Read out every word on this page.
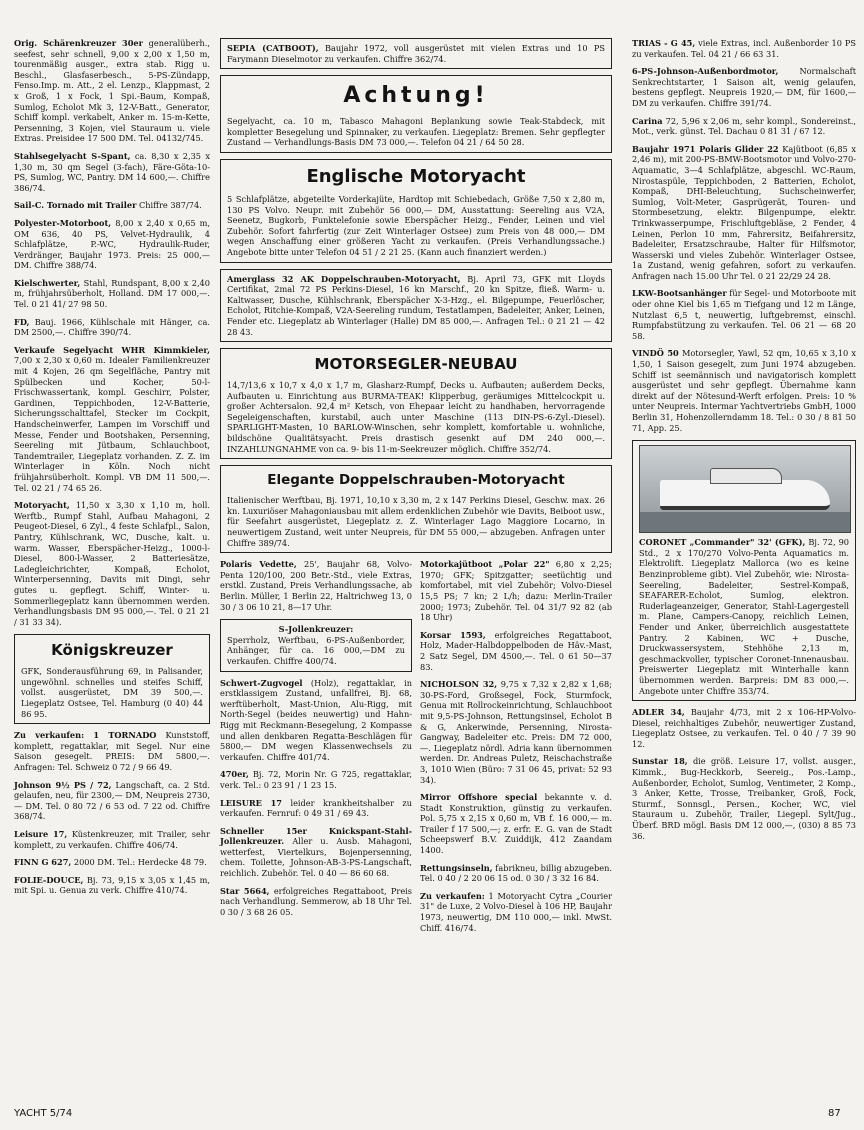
Orig. Schärenkreuzer 30er generalüberh., seefest, sehr schnell, 9,00 x 2,00 x 1,50 m, tourenmäßig ausger., extra stab. Rigg u. Beschl., Glasfaserbesch., 5-PS-Zündapp, Fenso.Imp. m. Att., 2 el. Lenzp., Klappmast, 2 x Groß, 1 x Fock, 1 Spi.-Baum, Kompaß, Sumlog, Echolot Mk 3, 12-V-Batt., Generator, Schiff kompl. verkabelt, Anker m. 15-m-Kette, Persenning, 3 Kojen, viel Stauraum u. viele Extras. Preisidee 17 500 DM. Tel. 04132/745.
Stahlsegelyacht S-Spant, ca. 8,30 x 2,35 x 1,30 m, 30 qm Segel (3-fach), Färe-Göta-10-PS, Sumlog, WC, Pantry. DM 14 600,—. Chiffre 386/74.
Sail-C. Tornado mit Trailer Chiffre 387/74.
Polyester-Motorboot, 8,00 x 2,40 x 0,65 m, OM 636, 40 PS, Velvet-Hydraulik, 4 Schlafplätze, P.-WC, Hydraulik-Ruder, Verdränger, Baujahr 1973. Preis: 25 000,— DM. Chiffre 388/74.
Kielschwerter, Stahl, Rundspant, 8,00 x 2,40 m, frühjahrsüberholt, Holland. DM 17 000,—. Tel. 0 21 41/ 27 98 50.
FD, Bauj. 1966, Kühlschale mit Hänger, ca. DM 2500,—. Chiffre 390/74.
Verkaufe Segelyacht WHR Kimmkieler, 7,00 x 2,30 x 0,60 m. Idealer Familienkreuzer mit 4 Kojen, 26 qm Segelfläche, Pantry mit Spülbecken und Kocher, 50-l-Frischwassertank, kompl. Geschirr, Polster, Gardinen, Teppichboden, 12-V-Batterie, Sicherungsschalttafel, Stecker im Cockpit, Handscheinwerfer, Lampen im Vorschiff und Messe, Fender und Bootshaken, Persenning, Seereling mit Jütbaum, Schlauchboot, Tandemtrailer, Liegeplatz vorhanden. Z. Z. im Winterlager in Köln. Noch nicht frühjahrsüberholt. Kompl. VB DM 11 500,—. Tel. 02 21 / 74 65 26.
Motoryacht, 11,50 x 3,30 x 1,10 m, holl. Werftb., Rumpf Stahl, Aufbau Mahagoni, 2 Peugeot-Diesel, 6 Zyl., 4 feste Schlafpl., Salon, Pantry, Kühlschrank, WC, Dusche, kalt. u. warm. Wasser, Eberspächer-Heizg., 1000-l-Diesel, 800-l-Wasser, 2 Batteriesätze, Ladegleichrichter, Kompaß, Echolot, Winterpersenning, Davits mit Dingi, sehr gutes u. gepflegt. Schiff, Winter- u. Sommerliegeplatz kann übernommen werden. Verhandlungsbasis DM 95 000,—. Tel. 0 21 21 / 31 33 34).
Königskreuzer
GFK, Sonderausführung 69, in Palisander, ungewöhnl. schnelles und steifes Schiff, vollst. ausgerüstet, DM 39 500,—. Liegeplatz Ostsee, Tel. Hamburg (0 40) 44 86 95.
Zu verkaufen: 1 TORNADO Kunststoff, komplett, regattaklar, mit Segel. Nur eine Saison gesegelt. PREIS: DM 5800,—. Anfragen: Tel. Schweiz 0 72 / 9 66 49.
Johnson 9½ PS / 72, Langschaft, ca. 2 Std. gelaufen, neu, für 2300,— DM, Neupreis 2730,— DM. Tel. 0 80 72 / 6 53 od. 7 22 od. Chiffre 368/74.
Leisure 17, Küstenkreuzer, mit Trailer, sehr komplett, zu verkaufen. Chiffre 406/74.
FINN G 627, 2000 DM. Tel.: Herdecke 48 79.
FOLIE-DOUCE, Bj. 73, 9,15 x 3,05 x 1,45 m, mit Spi. u. Genua zu verk. Chiffre 410/74.
SEPIA (CATBOOT), Baujahr 1972, voll ausgerüstet mit vielen Extras und 10 PS Farymann Dieselmotor zu verkaufen. Chiffre 362/74.
Achtung!
Segelyacht, ca. 10 m, Tabasco Mahagoni Beplankung sowie Teak-Stabdeck, mit kompletter Besegelung und Spinnaker, zu verkaufen. Liegeplatz: Bremen. Sehr gepflegter Zustand — Verhandlungs-Basis DM 73 000,—. Telefon 04 21 / 64 50 28.
Englische Motoryacht
5 Schlafplätze, abgeteilte Vorderkajüte, Hardtop mit Schiebedach, Größe 7,50 x 2,80 m, 130 PS Volvo. Neupr. mit Zubehör 56 000,— DM, Ausstattung: Seereling aus V2A, Seenetz, Bugkorb, Funktelefonie sowie Eberspächer Heizg., Fender, Leinen und viel Zubehör. Sofort fahrfertig (zur Zeit Winterlager Ostsee) zum Preis von 48 000,— DM wegen Anschaffung einer größeren Yacht zu verkaufen. (Preis Verhandlungssache.) Angebote bitte unter Telefon 04 51 / 2 21 25. (Kann auch finanziert werden.)
Amerglass 32 AK Doppelschrauben-Motoryacht, Bj. April 73, GFK mit Lloyds Certifikat, 2mal 72 PS Perkins-Diesel, 16 kn Marschf., 20 kn Spitze, fließ. Warm- u. Kaltwasser, Dusche, Kühlschrank, Eberspächer X-3-Hzg., el. Bilgepumpe, Feuerlöscher, Echolot, Ritchie-Kompaß, V2A-Seereling rundum, Testatlampen, Badeleiter, Anker, Leinen, Fender etc. Liegeplatz ab Winterlager (Halle) DM 85 000,—. Anfragen Tel.: 0 21 21 — 42 28 43.
MOTORSEGLER-NEUBAU
14,7/13,6 x 10,7 x 4,0 x 1,7 m, Glasharz-Rumpf, Decks u. Aufbauten; außerdem Decks, Aufbauten u. Einrichtung aus BURMA-TEAK! Klipperbug, geräumiges Mittelcockpit u. großer Achtersalon. 92,4 m² Ketsch, von Ehepaar leicht zu handhaben, hervorragende Segeleigenschaften, kurstabil, auch unter Maschine (113 DIN-PS-6-Zyl.-Diesel). SPARLIGHT-Masten, 10 BARLOW-Winschen, sehr komplett, komfortable u. wohnliche, bildschöne Qualitätsyacht. Preis drastisch gesenkt auf DM 240 000,—. INZAHLUNGNAHME von ca. 9- bis 11-m-Seekreuzer möglich. Chiffre 352/74.
Elegante Doppelschrauben-Motoryacht
Italienischer Werftbau, Bj. 1971, 10,10 x 3,30 m, 2 x 147 Perkins Diesel, Geschw. max. 26 kn. Luxuriöser Mahagoniausbau mit allem erdenklichen Zubehör wie Davits, Beiboot usw., für Seefahrt ausgerüstet, Liegeplatz z. Z. Winterlager Lago Maggiore Locarno, in neuwertigem Zustand, weit unter Neupreis, für DM 55 000,— abzugeben. Anfragen unter Chiffre 389/74.
Polaris Vedette, 25', Baujahr 68, Volvo-Penta 120/100, 200 Betr.-Std., viele Extras, erstkl. Zustand, Preis Verhandlungssache, ab Berlin. Müller, 1 Berlin 22, Haltrichweg 13, 0 30 / 3 06 10 21, 8—17 Uhr.
S-Jollenkreuzer:
Sperrholz, Werftbau, 6-PS-Außenborder, Anhänger, für ca. 16 000,—DM zu verkaufen. Chiffre 400/74.
Schwert-Zugvogel (Holz), regattaklar, in erstklassigem Zustand, unfallfrei, Bj. 68, werftüberholt, Mast-Union, Alu-Rigg, mit North-Segel (beides neuwertig) und Hahn-Rigg mit Reckmann-Besegelung, 2 Kompasse und allen denkbaren Regatta-Beschlägen für 5800,— DM wegen Klassenwechsels zu verkaufen. Chiffre 401/74.
470er, Bj. 72, Morin Nr. G 725, regattaklar, verk. Tel.: 0 23 91 / 1 23 15.
LEISURE 17 leider krankheitshalber zu verkaufen. Fernruf: 0 49 31 / 69 43.
Schneller 15er Knickspant-Stahl-Jollenkreuzer. Aller u. Ausb. Mahagoni, wetterfest, Viertelkurs, Bojenpersenning, chem. Toilette, Johnson-AB-3-PS-Langschaft, reichlich. Zubehör. Tel. 0 40 — 86 60 68.
Star 5664, erfolgreiches Regattaboot, Preis nach Verhandlung. Semmerow, ab 18 Uhr Tel. 0 30 / 3 68 26 05.
Motorkajütboot „Polar 22" 6,80 x 2,25; 1970; GFK; Spitzgatter; seetüchtig und komfortabel, mit viel Zubehör; Volvo-Diesel 15,5 PS; 7 kn; 2 L/h; dazu: Merlin-Trailer 2000; 1973; Zubehör. Tel. 04 31/7 92 82 (ab 18 Uhr)
Korsar 1593, erfolgreiches Regattaboot, Holz, Mader-Halbdoppelboden de Häv.-Mast, 2 Satz Segel, DM 4500,—. Tel. 0 61 50—37 83.
NICHOLSON 32, 9,75 x 7,32 x 2,82 x 1,68; 30-PS-Ford, Großsegel, Fock, Sturmfock, Genua mit Rollrockeinrichtung, Schlauchboot mit 9,5-PS-Johnson, Rettungsinsel, Echolot B & G, Ankerwinde, Persenning, Nirosta-Gangway, Badeleiter etc. Preis: DM 72 000,—. Liegeplatz nördl. Adria kann übernommen werden. Dr. Andreas Puletz, Reischachstraße 3, 1010 Wien (Büro: 7 31 06 45, privat: 52 93 34).
Mirror Offshore special bekannte v. d. Stadt Konstruktion, günstig zu verkaufen. Pol. 5,75 x 2,15 x 0,60 m, VB f. 16 000,— m. Trailer f 17 500,—; z. erfr. E. G. van de Stadt Scheepswerf B.V. Zuiddijk, 412 Zaandam 1400.
Rettungsinseln, fabrikneu, billig abzugeben. Tel. 0 40 / 2 20 06 15 od. 0 30 / 3 32 16 84.
Zu verkaufen: 1 Motoryacht Cytra „Courier 31" de Luxe, 2 Volvo-Diesel à 106 HP, Baujahr 1973, neuwertig, DM 110 000,— inkl. MwSt. Chiff. 416/74.
TRIAS - G 45, viele Extras, incl. Außenborder 10 PS zu verkaufen. Tel. 04 21 / 66 63 31.
6-PS-Johnson-Außenbordmotor,	Normalschaft Senkrechtstarter, 1 Saison alt, wenig gelaufen, bestens gepflegt. Neupreis 1920,— DM, für 1600,— DM zu verkaufen. Chiffre 391/74.
Carina 72, 5,96 x 2,06 m, sehr kompl., Sondereinst., Mot., verk. günst. Tel. Dachau 0 81 31 / 67 12.
Baujahr 1971 Polaris Glider 22 Kajütboot (6,85 x 2,46 m), mit 200-PS-BMW-Bootsmotor und Volvo-270-Aquamatic, 3—4 Schlafplätze, abgeschl. WC-Raum, Nirostaspüle, Teppichboden, 2 Batterien, Echolot, Kompaß, DHI-Beleuchtung, Suchscheinwerfer, Sumlog, Volt-Meter, Gasprügerät, Touren- und Stormbesetzung, elektr. Bilgenpumpe, elektr. Trinkwasserpumpe, Frischluftgebläse, 2 Fender, 4 Leinen, Perlon 10 mm, Fahrersitz, Beifahrersitz, Badeleiter, Ersatzschraube, Halter für Hilfsmotor, Wasserski und vieles Zubehör. Winterlager Ostsee, 1a Zustand, wenig gefahren, sofort zu verkaufen. Anfragen nach 15.00 Uhr Tel. 0 21 22/29 24 28.
LKW-Bootsanhänger für Segel- und Motorboote mit oder ohne Kiel bis 1,65 m Tiefgang und 12 m Länge, Nutzlast 6,5 t, neuwertig, luftgebremst, einschl. Rumpfabstützung zu verkaufen. Tel. 06 21 — 68 20 58.
VINDÖ 50 Motorsegler, Yawl, 52 qm, 10,65 x 3,10 x 1,50, 1 Saison gesegelt, zum Juni 1974 abzugeben. Schiff ist seemännisch und navigatorisch komplett ausgerüstet und sehr gepflegt. Übernahme kann direkt auf der Nötesund-Werft erfolgen. Preis: 10 % unter Neupreis. Intermar Yachtvertriebs GmbH, 1000 Berlin 31, Hohenzollerndamm 18. Tel.: 0 30 / 8 81 50 71, App. 25.
CORONET „Commander" 32' (GFK), Bj. 72, 90 Std., 2 x 170/270 Volvo-Penta Aquamatics m. Elektrolift. Liegeplatz Mallorca (wo es keine Benzinprobleme gibt). Viel Zubehör, wie: Nirosta-Seereling, Badeleiter, Sestrel-Kompaß, SEAFARER-Echolot, Sumlog, elektron. Ruderlageanzeiger, Generator, Stahl-Lagergestell m. Plane, Campers-Canopy, reichlich Leinen, Fender und Anker, überreichlich ausgestattete Pantry. 2 Kabinen, WC + Dusche, Druckwassersystem, Stehhöhe 2,13 m, geschmackvoller, typischer Coronet-Innenausbau. Preiswerter Liegeplatz mit Winterhalle kann übernommen werden. Barpreis: DM 83 000,—. Angebote unter Chiffre 353/74.
ADLER 34, Baujahr 4/73, mit 2 x 106-HP-Volvo-Diesel, reichhaltiges Zubehör, neuwertiger Zustand, Liegeplatz Ostsee, zu verkaufen. Tel. 0 40 / 7 39 90 12.
Sunstar 18, die größ. Leisure 17, vollst. ausger., Kimmk., Bug-Heckkorb, Seereig., Pos.-Lamp., Außenborder, Echolot, Sumlog, Ventimeter, 2 Komp., 3 Anker, Kette, Trosse, Treibanker, Groß, Fock, Sturmf., Sonnsgl., Persen., Kocher, WC, viel Stauraum u. Zubehör, Trailer, Liegepl. Sylt/Jug., Überf. BRD mögl. Basis DM 12 000,—, (030) 8 85 73 36.
YACHT 5/74	87
